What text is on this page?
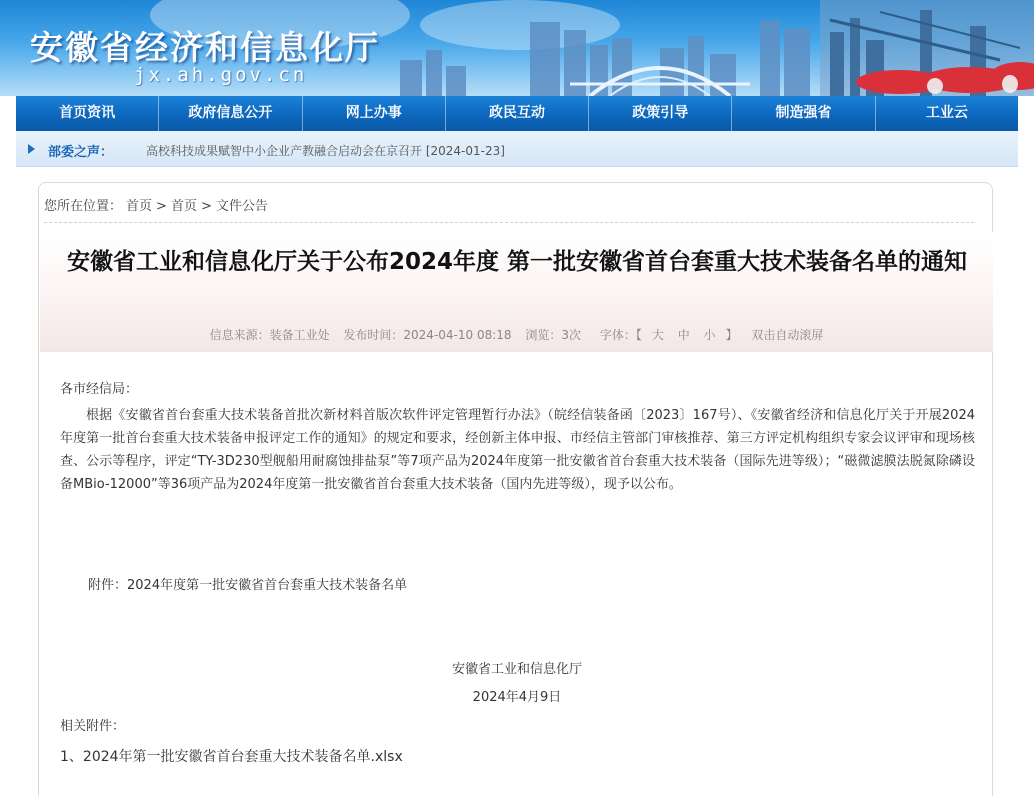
安徽省经济和信息化厅
jx.ah.gov.cn
首页资讯	政府信息公开	网上办事	政民互动	政策引导	制造强省	工业云
部委之声：	高校科技成果赋智中小企业产教融合启动会在京召开 [2024-01-23]
您所在位置： 首页 > 首页 > 文件公告
安徽省工业和信息化厅关于公布2024年度 第一批安徽省首台套重大技术装备名单的通知
信息来源：装备工业处 发布时间：2024-04-10 08:18 浏览：3次 字体：【 大 中 小 】 双击自动滚屏
各市经信局：

根据《安徽省首台套重大技术装备首批次新材料首版次软件评定管理暂行办法》（皖经信装备函〔2023〕167号）、《安徽省经济和信息化厅关于开展2024年度第一批首台套重大技术装备申报评定工作的通知》的规定和要求，经创新主体申报、市经信主管部门审核推荐、第三方评定机构组织专家会议评审和现场核查、公示等程序，评定“TY-3D230型舰船用耐腐蚀排盐泵”等7项产品为2024年度第一批安徽省首台套重大技术装备（国际先进等级）；“磁微滤膜法脱氮除磷设备MBio-12000”等36项产品为2024年度第一批安徽省首台套重大技术装备（国内先进等级），现予以公布。

附件：2024年度第一批安徽省首台套重大技术装备名单
安徽省工业和信息化厅
2024年4月9日
相关附件：
1、2024年第一批安徽省首台套重大技术装备名单.xlsx
